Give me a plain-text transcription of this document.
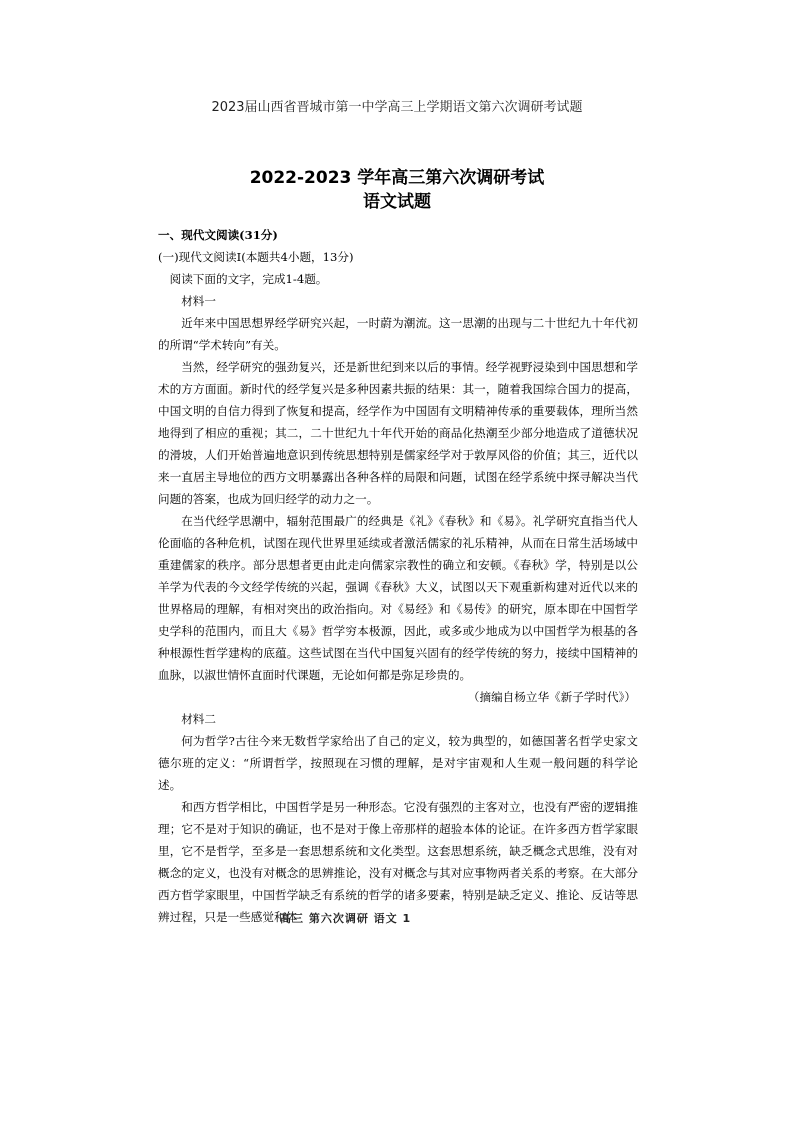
2023届山西省晋城市第一中学高三上学期语文第六次调研考试题
2022-2023 学年高三第六次调研考试
语文试题

一、现代文阅读(31分)

(一)现代文阅读Ⅰ(本题共4小题，13分)

阅读下面的文字，完成1-4题。

材料一

近年来中国思想界经学研究兴起，一时蔚为潮流。这一思潮的出现与二十世纪九十年代初的所谓“学术转向”有关。

当然，经学研究的强劲复兴，还是新世纪到来以后的事情。经学视野浸染到中国思想和学术的方方面面。新时代的经学复兴是多种因素共振的结果：其一，随着我国综合国力的提高，中国文明的自信力得到了恢复和提高，经学作为中国固有文明精神传承的重要载体，理所当然地得到了相应的重视；其二，二十世纪九十年代开始的商品化热潮至少部分地造成了道德状况的滑坡，人们开始普遍地意识到传统思想特别是儒家经学对于敦厚风俗的价值；其三，近代以来一直居主导地位的西方文明暴露出各种各样的局限和问题，试图在经学系统中探寻解决当代问题的答案，也成为回归经学的动力之一。

在当代经学思潮中，辐射范围最广的经典是《礼》《春秋》和《易》。礼学研究直指当代人伦面临的各种危机，试图在现代世界里延续或者激活儒家的礼乐精神，从而在日常生活场域中重建儒家的秩序。部分思想者更由此走向儒家宗教性的确立和安顿。《春秋》学，特别是以公羊学为代表的今文经学传统的兴起，强调《春秋》大义，试图以天下观重新构建对近代以来的世界格局的理解，有相对突出的政治指向。对《易经》和《易传》的研究，原本即在中国哲学史学科的范围内，而且大《易》哲学穷本极源，因此，或多或少地成为以中国哲学为根基的各种根源性哲学建构的底蕴。这些试图在当代中国复兴固有的经学传统的努力，接续中国精神的血脉，以淑世情怀直面时代课题，无论如何都是弥足珍贵的。

（摘编自杨立华《新子学时代》）

材料二

何为哲学?古往今来无数哲学家给出了自己的定义，较为典型的，如德国著名哲学史家文德尔班的定义：“所谓哲学，按照现在习惯的理解，是对宇宙观和人生观一般问题的科学论述。

和西方哲学相比，中国哲学是另一种形态。它没有强烈的主客对立，也没有严密的逻辑推理；它不是对于知识的确证，也不是对于像上帝那样的超验本体的论证。在许多西方哲学家眼里，它不是哲学，至多是一套思想系统和文化类型。这套思想系统，缺乏概念式思维，没有对概念的定义，也没有对概念的思辨推论，没有对概念与其对应事物两者关系的考察。在大部分西方哲学家眼里，中国哲学缺乏有系统的哲学的诸多要素，特别是缺乏定义、推论、反诘等思辨过程，只是一些感觉和体

高三 第六次调研 语文 1
